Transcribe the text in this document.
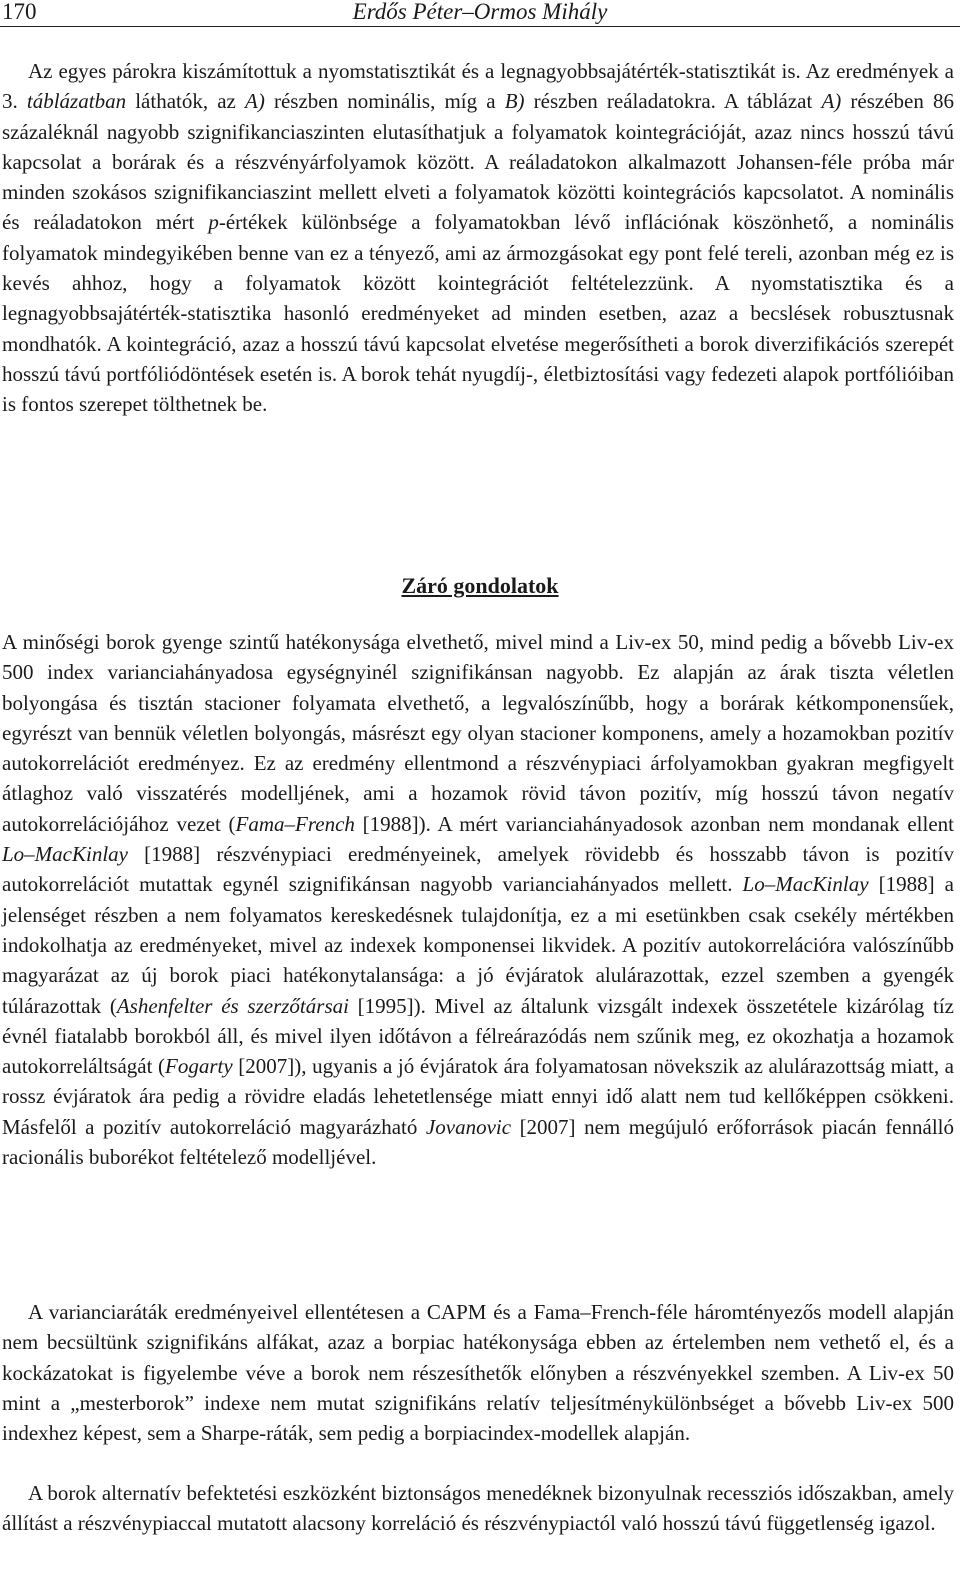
170	Erdős Péter–Ormos Mihály

Az egyes párokra kiszámítottuk a nyomstatisztikát és a legnagyobbsajátérték-statisztikát is. Az eredmények a 3. táblázatban láthatók, az A) részben nominális, míg a B) részben reáladatokra. A táblázat A) részében 86 százaléknál nagyobb szignifikanciaszinten elutasíthatjuk a folyamatok kointegrációját, azaz nincs hosszú távú kapcsolat a borárak és a részvényárfolyamok között. A reáladatokon alkalmazott Johansen-féle próba már minden szokásos szignifikanciaszint mellett elveti a folyamatok közötti kointegrációs kapcsolatot. A nominális és reáladatokon mért p-értékek különbsége a folyamatokban lévő inflációnak köszönhető, a nominális folyamatok mindegyikében benne van ez a tényező, ami az ármozgásokat egy pont felé tereli, azonban még ez is kevés ahhoz, hogy a folyamatok között kointegrációt feltételezzünk. A nyomstatisztika és a legnagyobbsajátérték-statisztika hasonló eredményeket ad minden esetben, azaz a becslések robusztusnak mondhatók. A kointegráció, azaz a hosszú távú kapcsolat elvetése megerősítheti a borok diverzifikációs szerepét hosszú távú portfóliódöntések esetén is. A borok tehát nyugdíj-, életbiztosítási vagy fedezeti alapok portfólióiban is fontos szerepet tölthetnek be.

Záró gondolatok

A minőségi borok gyenge szintű hatékonysága elvethető, mivel mind a Liv-ex 50, mind pedig a bővebb Liv-ex 500 index varianciahányadosa egységnyinél szignifikánsan nagyobb. Ez alapján az árak tiszta véletlen bolyongása és tisztán stacioner folyamata elvethető, a legvalószínűbb, hogy a borárak kétkomponensűek, egyrészt van bennük véletlen bolyongás, másrészt egy olyan stacioner komponens, amely a hozamokban pozitív autokorrelációt eredményez. Ez az eredmény ellentmond a részvénypiaci árfolyamokban gyakran megfigyelt átlaghoz való visszatérés modelljének, ami a hozamok rövid távon pozitív, míg hosszú távon negatív autokorrelációjához vezet (Fama–French [1988]). A mért varianciahányadosok azonban nem mondanak ellent Lo–MacKinlay [1988] részvénypiaci eredményeinek, amelyek rövidebb és hosszabb távon is pozitív autokorrelációt mutattak egynél szignifikánsan nagyobb varianciahányados mellett. Lo–MacKinlay [1988] a jelenséget részben a nem folyamatos kereskedésnek tulajdonítja, ez a mi esetünkben csak csekély mértékben indokolhatja az eredményeket, mivel az indexek komponensei likvidek. A pozitív autokorrelációra valószínűbb magyarázat az új borok piaci hatékonytalansága: a jó évjáratok alulárazottak, ezzel szemben a gyengék túlárazottak (Ashenfelter és szerzőtársai [1995]). Mivel az általunk vizsgált indexek összetétele kizárólag tíz évnél fiatalabb borokból áll, és mivel ilyen időtávon a félreárazódás nem szűnik meg, ez okozhatja a hozamok autokorreláltságát (Fogarty [2007]), ugyanis a jó évjáratok ára folyamatosan növekszik az alulárazottság miatt, a rossz évjáratok ára pedig a rövidre eladás lehetetlensége miatt ennyi idő alatt nem tud kellőképpen csökkeni. Másfelől a pozitív autokorreláció magyarázható Jovanovic [2007] nem megújuló erőforrások piacán fennálló racionális buborékot feltételező modelljével.

A varianciaráták eredményeivel ellentétesen a CAPM és a Fama–French-féle háromtényezős modell alapján nem becsültünk szignifikáns alfákat, azaz a borpiac hatékonysága ebben az értelemben nem vethető el, és a kockázatokat is figyelembe véve a borok nem részesíthetők előnyben a részvényekkel szemben. A Liv-ex 50 mint a „mesterborok” indexe nem mutat szignifikáns relatív teljesítménykülönbséget a bővebb Liv-ex 500 indexhez képest, sem a Sharpe-ráták, sem pedig a borpiacindex-modellek alapján.

A borok alternatív befektetési eszközként biztonságos menedéknek bizonyulnak recessziós időszakban, amely állítást a részvénypiaccal mutatott alacsony korreláció és részvénypiactól való hosszú távú függetlenség igazol.
